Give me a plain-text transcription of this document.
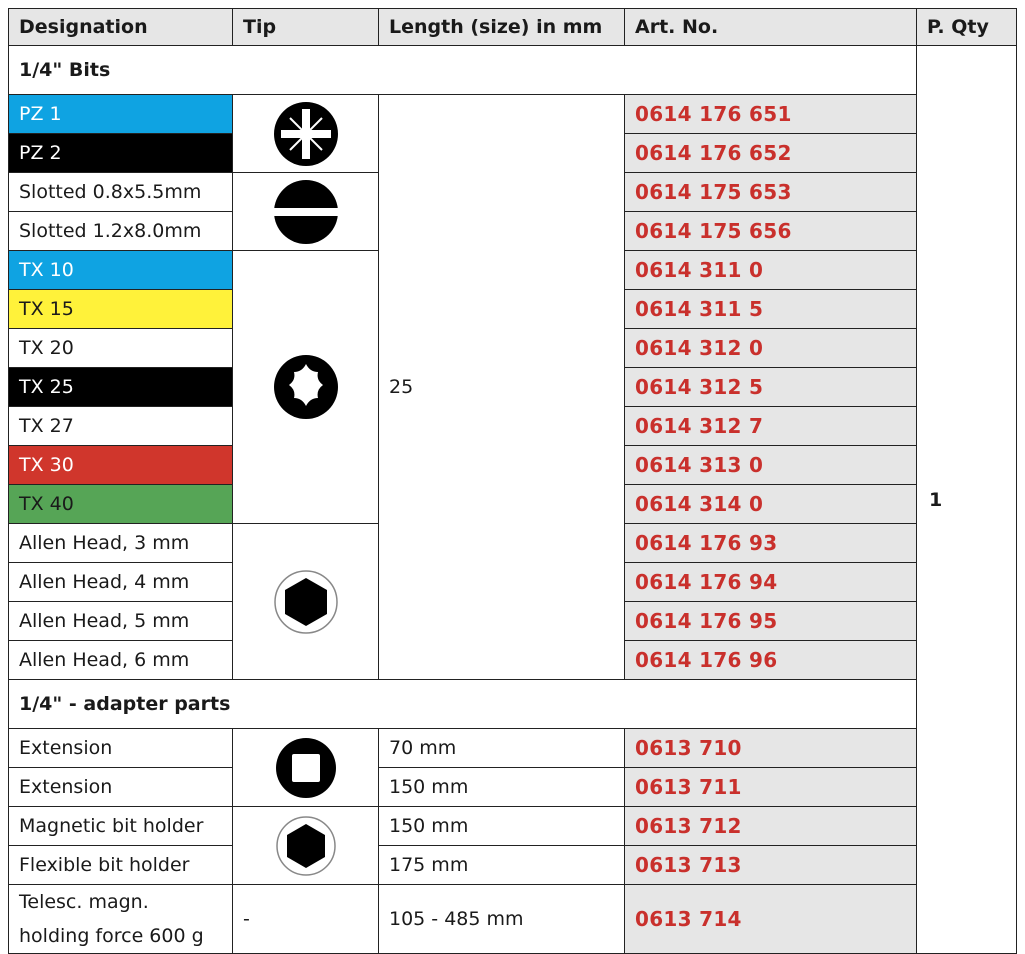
Designation	Tip	Length (size) in mm	Art. No.	P. Qty
1/4" Bits				1
PZ 1		25	0614 176 651	
PZ 2			0614 176 652	
Slotted 0.8x5.5mm			0614 175 653	
Slotted 1.2x8.0mm			0614 175 656	
TX 10			0614 311 0	
TX 15			0614 311 5	
TX 20			0614 312 0	
TX 25			0614 312 5	
TX 27			0614 312 7	
TX 30			0614 313 0	
TX 40			0614 314 0	
Allen Head, 3 mm			0614 176 93	
Allen Head, 4 mm			0614 176 94	
Allen Head, 5 mm			0614 176 95	
Allen Head, 6 mm			0614 176 96	
1/4" - adapter parts				
Extension		70 mm	0613 710	
Extension		150 mm	0613 711	
Magnetic bit holder		150 mm	0613 712	
Flexible bit holder		175 mm	0613 713	
Telesc. magn. holding force 600 g	-	105 - 485 mm	0613 714	
